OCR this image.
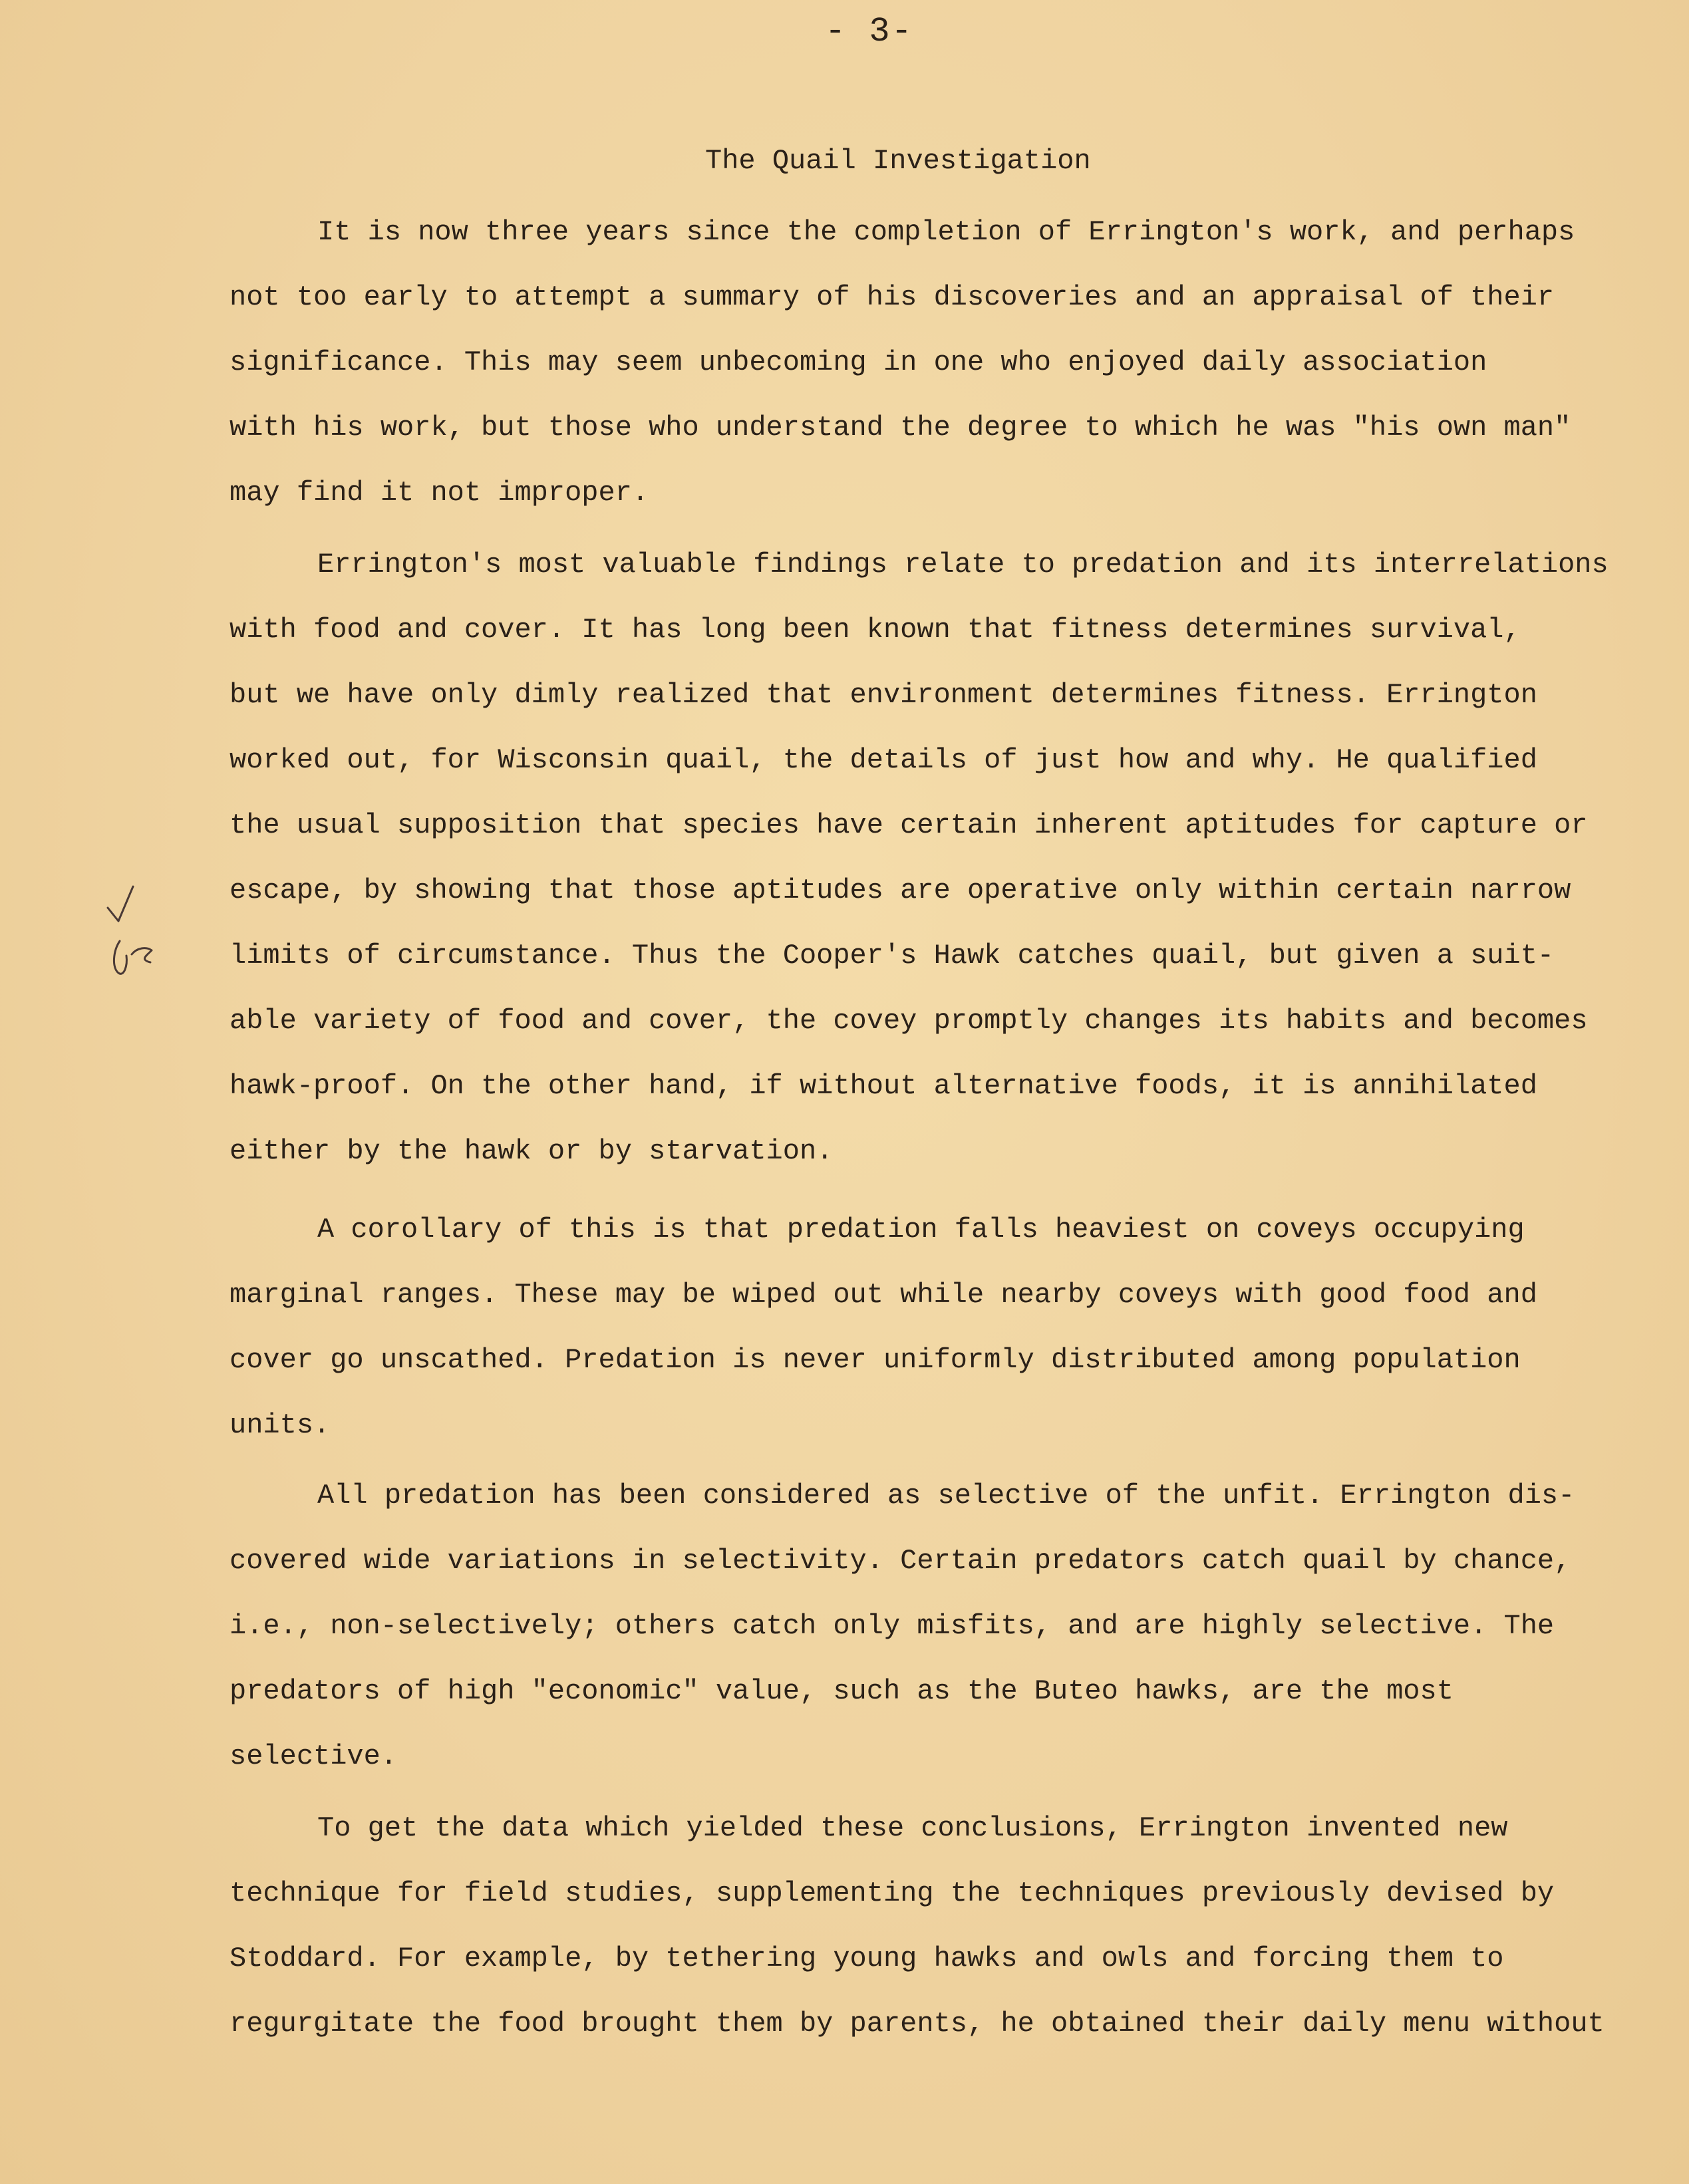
- 3-
The Quail Investigation
It is now three years since the completion of Errington's work, and perhaps
not too early to attempt a summary of his discoveries and an appraisal of their
significance. This may seem unbecoming in one who enjoyed daily association
with his work, but those who understand the degree to which he was "his own man"
may find it not improper.
Errington's most valuable findings relate to predation and its interrelations
with food and cover. It has long been known that fitness determines survival,
but we have only dimly realized that environment determines fitness. Errington
worked out, for Wisconsin quail, the details of just how and why. He qualified
the usual supposition that species have certain inherent aptitudes for capture or
escape, by showing that those aptitudes are operative only within certain narrow
limits of circumstance. Thus the Cooper's Hawk catches quail, but given a suit-
able variety of food and cover, the covey promptly changes its habits and becomes
hawk-proof. On the other hand, if without alternative foods, it is annihilated
either by the hawk or by starvation.
A corollary of this is that predation falls heaviest on coveys occupying
marginal ranges. These may be wiped out while nearby coveys with good food and
cover go unscathed. Predation is never uniformly distributed among population
units.
All predation has been considered as selective of the unfit. Errington dis-
covered wide variations in selectivity. Certain predators catch quail by chance,
i.e., non-selectively; others catch only misfits, and are highly selective. The
predators of high "economic" value, such as the Buteo hawks, are the most
selective.
To get the data which yielded these conclusions, Errington invented new
technique for field studies, supplementing the techniques previously devised by
Stoddard. For example, by tethering young hawks and owls and forcing them to
regurgitate the food brought them by parents, he obtained their daily menu without
